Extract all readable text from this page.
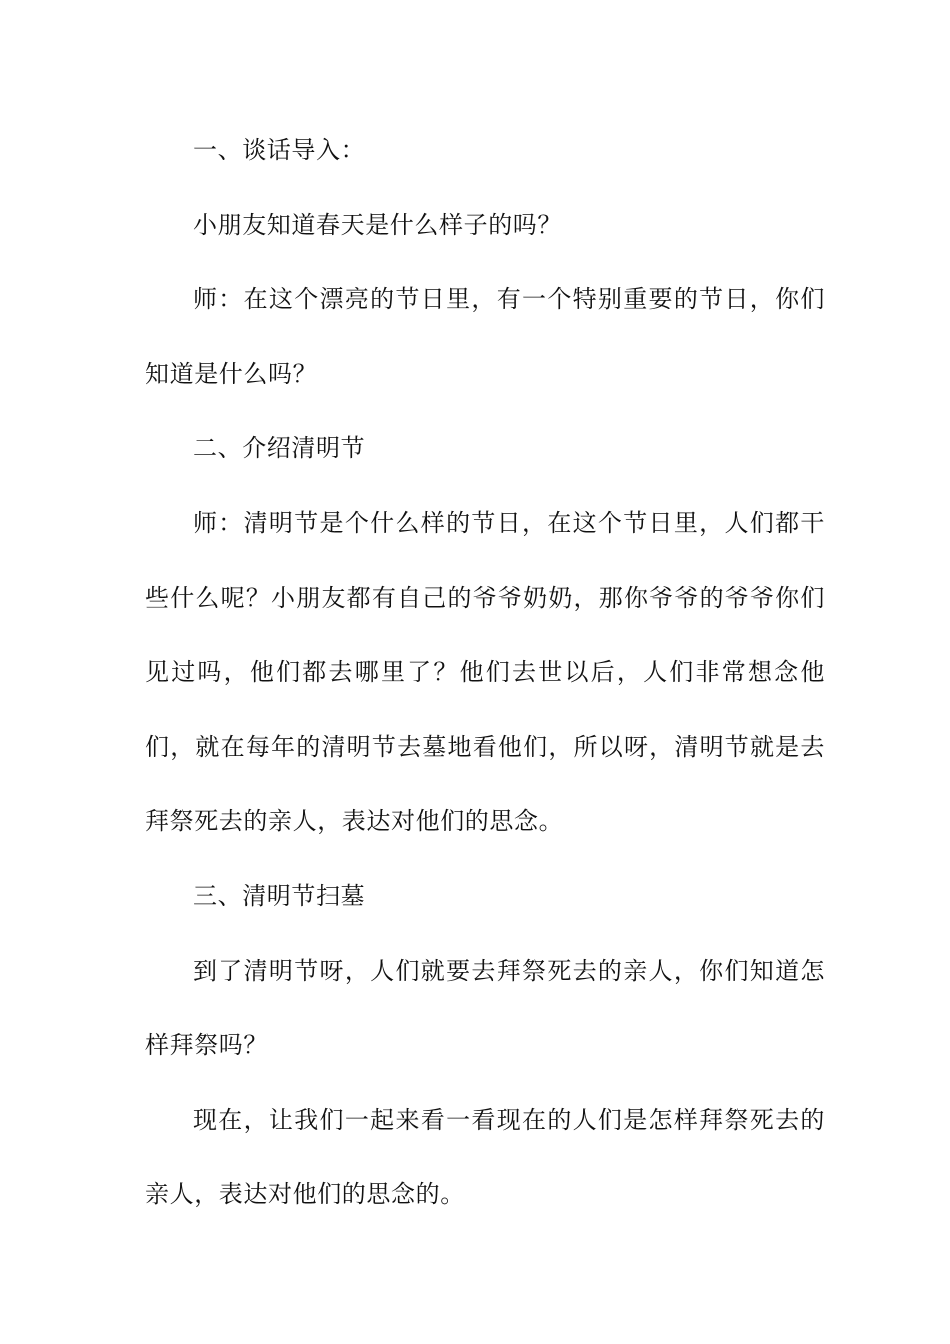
一、谈话导入：

小朋友知道春天是什么样子的吗？

师：在这个漂亮的节日里，有一个特别重要的节日，你们知道是什么吗？

二、介绍清明节

师：清明节是个什么样的节日，在这个节日里，人们都干些什么呢？小朋友都有自己的爷爷奶奶，那你爷爷的爷爷你们见过吗，他们都去哪里了？他们去世以后，人们非常想念他们，就在每年的清明节去墓地看他们，所以呀，清明节就是去拜祭死去的亲人，表达对他们的思念。

三、清明节扫墓

到了清明节呀，人们就要去拜祭死去的亲人，你们知道怎样拜祭吗？

现在，让我们一起来看一看现在的人们是怎样拜祭死去的亲人，表达对他们的思念的。
